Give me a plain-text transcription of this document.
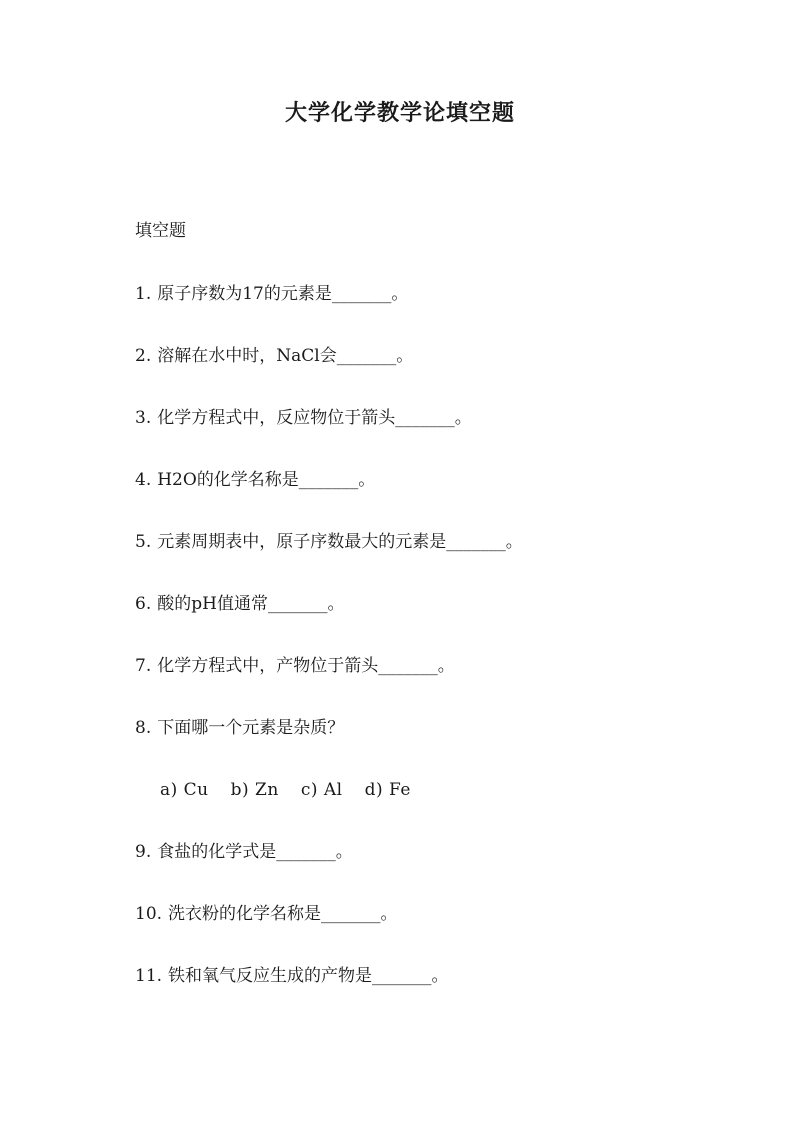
大学化学教学论填空题

填空题

1. 原子序数为17的元素是_______。
2. 溶解在水中时，NaCl会_______。
3. 化学方程式中，反应物位于箭头_______。
4. H2O的化学名称是_______。
5. 元素周期表中，原子序数最大的元素是_______。
6. 酸的pH值通常_______。
7. 化学方程式中，产物位于箭头_______。
8. 下面哪一个元素是杂质？
a) Cu b) Zn c) Al d) Fe
9. 食盐的化学式是_______。
10. 洗衣粉的化学名称是_______。
11. 铁和氧气反应生成的产物是_______。
